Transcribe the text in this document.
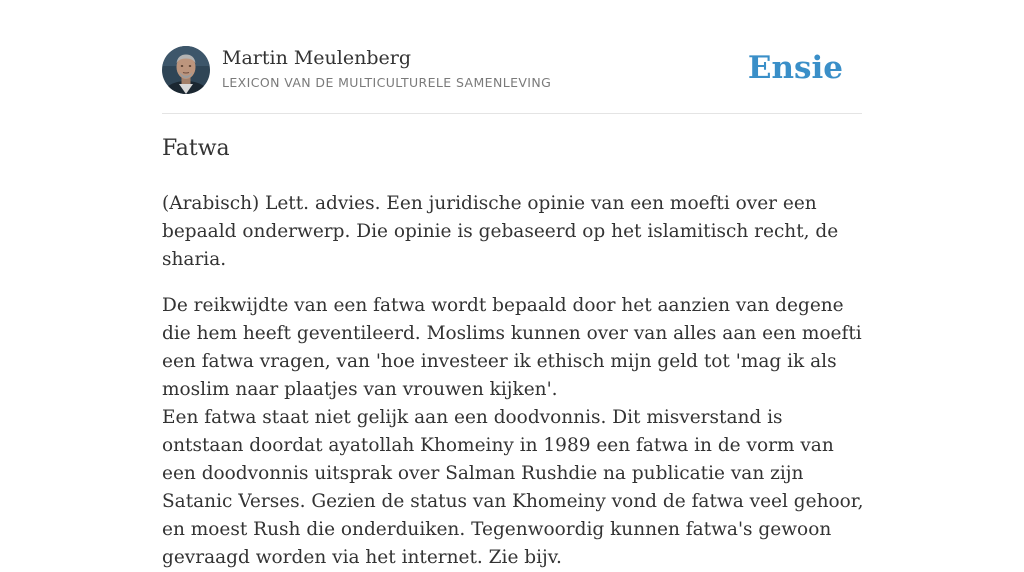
Martin Meulenberg
LEXICON VAN DE MULTICULTURELE SAMENLEVING	Ensie
Fatwa

(Arabisch) Lett. advies. Een juridische opinie van een moefti over een bepaald onderwerp. Die opinie is gebaseerd op het islamitisch recht, de sharia.

De reikwijdte van een fatwa wordt bepaald door het aanzien van degene die hem heeft geventileerd. Moslims kunnen over van alles aan een moefti een fatwa vragen, van 'hoe investeer ik ethisch mijn geld tot 'mag ik als moslim naar plaatjes van vrouwen kijken'.
Een fatwa staat niet gelijk aan een doodvonnis. Dit misverstand is ontstaan doordat ayatollah Khomeiny in 1989 een fatwa in de vorm van een doodvonnis uitsprak over Salman Rushdie na publicatie van zijn Satanic Verses. Gezien de status van Khomeiny vond de fatwa veel gehoor, en moest Rush die onderduiken. Tegenwoordig kunnen fatwa's gewoon gevraagd worden via het internet. Zie bijv.
